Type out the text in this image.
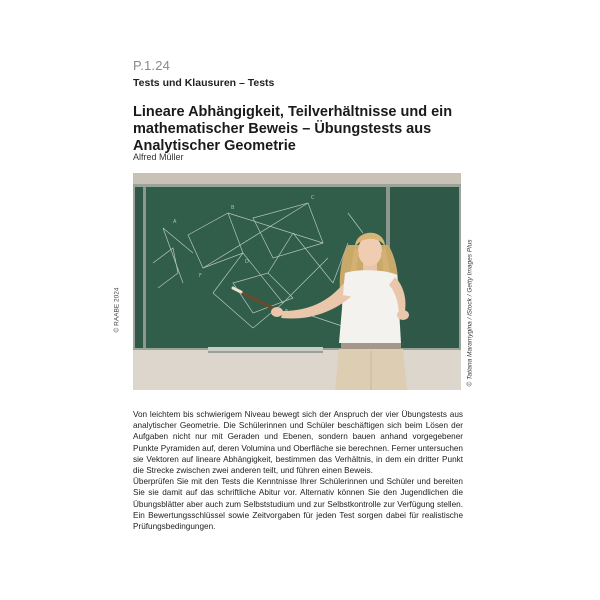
P.1.24
Tests und Klausuren – Tests
Lineare Abhängigkeit, Teilverhältnisse und ein mathematischer Beweis – Übungstests aus Analytischer Geometrie
Alfred Müller
© RAABE 2024	© Tatiana Maramygina / iStock / Getty Images Plus
A
B
C
D
F

Von leichtem bis schwierigem Niveau bewegt sich der Anspruch der vier Übungstests aus analytischer Geometrie. Die Schülerinnen und Schüler beschäftigen sich beim Lösen der Aufgaben nicht nur mit Geraden und Ebenen, sondern bauen anhand vorgegebener Punkte Pyramiden auf, deren Volumina und Oberfläche sie berechnen. Ferner untersuchen sie Vektoren auf lineare Abhängigkeit, bestimmen das Verhältnis, in dem ein dritter Punkt die Strecke zwischen zwei anderen teilt, und führen einen Beweis.

Überprüfen Sie mit den Tests die Kenntnisse Ihrer Schülerinnen und Schüler und bereiten Sie sie damit auf das schriftliche Abitur vor. Alternativ können Sie den Jugendlichen die Übungsblätter aber auch zum Selbststudium und zur Selbstkontrolle zur Verfügung stellen. Ein Bewertungsschlüssel sowie Zeitvorgaben für jeden Test sorgen dabei für realistische Prüfungsbedingungen.
